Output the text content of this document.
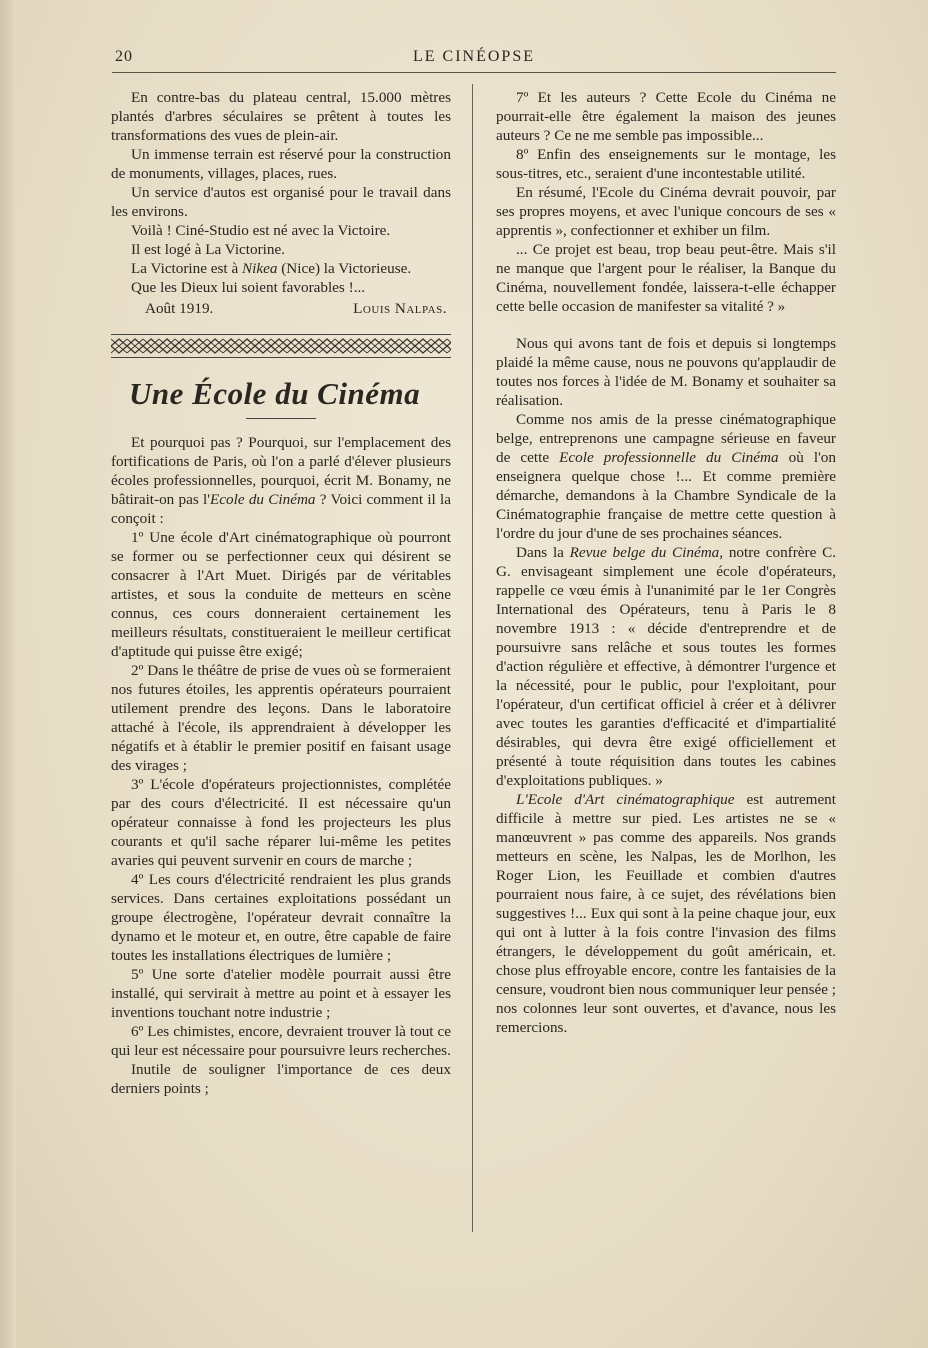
20	LE CINÉOPSE

En contre-bas du plateau central, 15.000 mètres plantés d'arbres séculaires se prêtent à toutes les transformations des vues de plein-air.

Un immense terrain est réservé pour la construction de monuments, villages, places, rues.

Un service d'autos est organisé pour le travail dans les environs.

Voilà ! Ciné-Studio est né avec la Victoire.

Il est logé à La Victorine.

La Victorine est à Nikea (Nice) la Victorieuse.

Que les Dieux lui soient favorables !...

Août 1919.	Louis Nalpas.
Une École du Cinéma

Et pourquoi pas ? Pourquoi, sur l'emplacement des fortifications de Paris, où l'on a parlé d'élever plusieurs écoles professionnelles, pourquoi, écrit M. Bonamy, ne bâtirait-on pas l'Ecole du Cinéma ? Voici comment il la conçoit :

1º Une école d'Art cinématographique où pourront se former ou se perfectionner ceux qui désirent se consacrer à l'Art Muet. Dirigés par de véritables artistes, et sous la conduite de metteurs en scène connus, ces cours donneraient certainement les meilleurs résultats, constitueraient le meilleur certificat d'aptitude qui puisse être exigé;

2º Dans le théâtre de prise de vues où se formeraient nos futures étoiles, les apprentis opérateurs pourraient utilement prendre des leçons. Dans le laboratoire attaché à l'école, ils apprendraient à développer les négatifs et à établir le premier positif en faisant usage des virages ;

3º L'école d'opérateurs projectionnistes, complétée par des cours d'électricité. Il est nécessaire qu'un opérateur connaisse à fond les projecteurs les plus courants et qu'il sache réparer lui-même les petites avaries qui peuvent survenir en cours de marche ;

4º Les cours d'électricité rendraient les plus grands services. Dans certaines exploitations possédant un groupe électrogène, l'opérateur devrait connaître la dynamo et le moteur et, en outre, être capable de faire toutes les installations électriques de lumière ;

5º Une sorte d'atelier modèle pourrait aussi être installé, qui servirait à mettre au point et à essayer les inventions touchant notre industrie ;

6º Les chimistes, encore, devraient trouver là tout ce qui leur est nécessaire pour poursuivre leurs recherches.

Inutile de souligner l'importance de ces deux derniers points ;

7º Et les auteurs ? Cette Ecole du Cinéma ne pourrait-elle être également la maison des jeunes auteurs ? Ce ne me semble pas impossible...

8º Enfin des enseignements sur le montage, les sous-titres, etc., seraient d'une incontestable utilité.

En résumé, l'Ecole du Cinéma devrait pouvoir, par ses propres moyens, et avec l'unique concours de ses « apprentis », confectionner et exhiber un film.

... Ce projet est beau, trop beau peut-être. Mais s'il ne manque que l'argent pour le réaliser, la Banque du Cinéma, nouvellement fondée, laissera-t-elle échapper cette belle occasion de manifester sa vitalité ? »

Nous qui avons tant de fois et depuis si longtemps plaidé la même cause, nous ne pouvons qu'applaudir de toutes nos forces à l'idée de M. Bonamy et souhaiter sa réalisation.

Comme nos amis de la presse cinématographique belge, entreprenons une campagne sérieuse en faveur de cette Ecole professionnelle du Cinéma où l'on enseignera quelque chose !... Et comme première démarche, demandons à la Chambre Syndicale de la Cinématographie française de mettre cette question à l'ordre du jour d'une de ses prochaines séances.

Dans la Revue belge du Cinéma, notre confrère C. G. envisageant simplement une école d'opérateurs, rappelle ce vœu émis à l'unanimité par le 1er Congrès International des Opérateurs, tenu à Paris le 8 novembre 1913 : « décide d'entreprendre et de poursuivre sans relâche et sous toutes les formes d'action régulière et effective, à démontrer l'urgence et la nécessité, pour le public, pour l'exploitant, pour l'opérateur, d'un certificat officiel à créer et à délivrer avec toutes les garanties d'efficacité et d'impartialité désirables, qui devra être exigé officiellement et présenté à toute réquisition dans toutes les cabines d'exploitations publiques. »

L'Ecole d'Art cinématographique est autrement difficile à mettre sur pied. Les artistes ne se « manœuvrent » pas comme des appareils. Nos grands metteurs en scène, les Nalpas, les de Morlhon, les Roger Lion, les Feuillade et combien d'autres pourraient nous faire, à ce sujet, des révélations bien suggestives !... Eux qui sont à la peine chaque jour, eux qui ont à lutter à la fois contre l'invasion des films étrangers, le développement du goût américain, et. chose plus effroyable encore, contre les fantaisies de la censure, voudront bien nous communiquer leur pensée ; nos colonnes leur sont ouvertes, et d'avance, nous les remercions.
